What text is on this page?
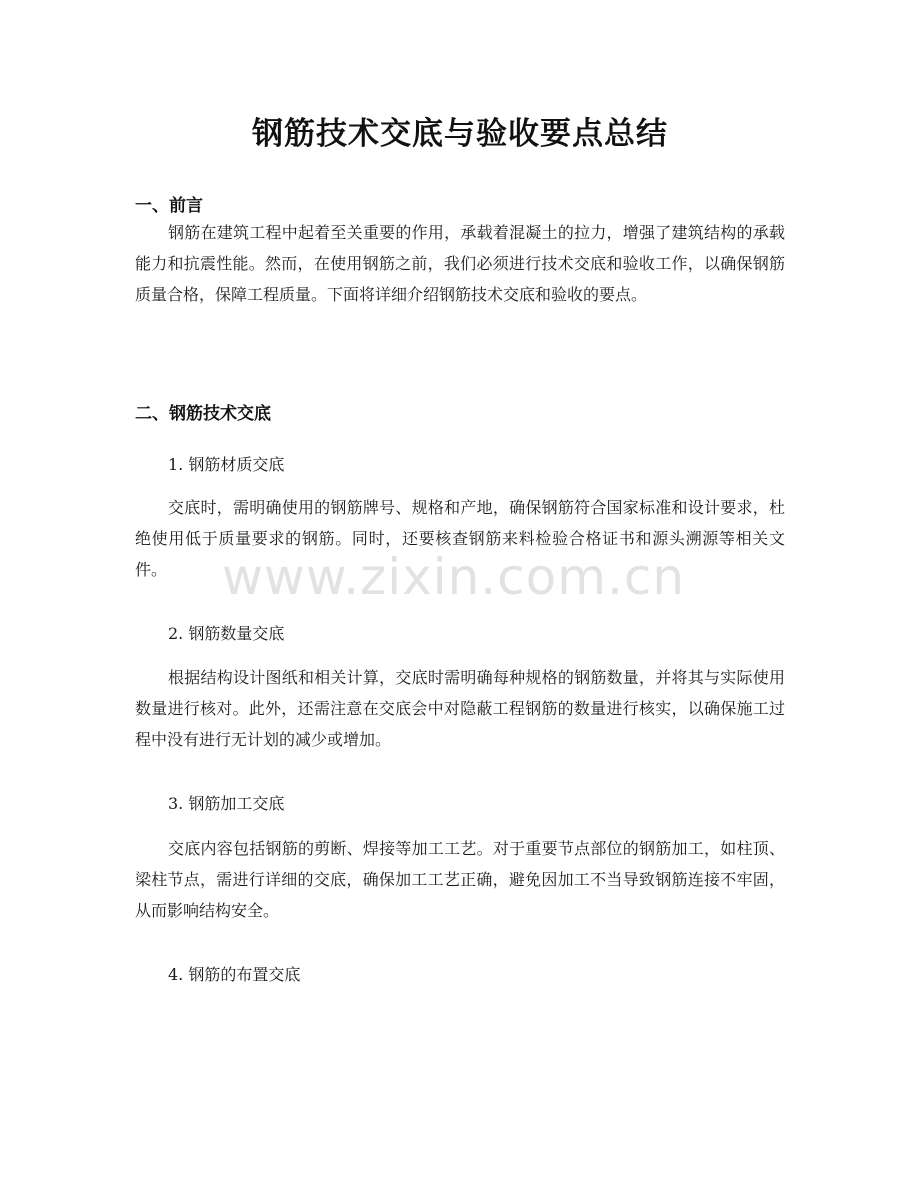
钢筋技术交底与验收要点总结
一、前言
钢筋在建筑工程中起着至关重要的作用，承载着混凝土的拉力，增强了建筑结构的承载能力和抗震性能。然而，在使用钢筋之前，我们必须进行技术交底和验收工作，以确保钢筋质量合格，保障工程质量。下面将详细介绍钢筋技术交底和验收的要点。
二、钢筋技术交底
1. 钢筋材质交底
交底时，需明确使用的钢筋牌号、规格和产地，确保钢筋符合国家标准和设计要求，杜绝使用低于质量要求的钢筋。同时，还要核查钢筋来料检验合格证书和源头溯源等相关文件。
2. 钢筋数量交底
根据结构设计图纸和相关计算，交底时需明确每种规格的钢筋数量，并将其与实际使用数量进行核对。此外，还需注意在交底会中对隐蔽工程钢筋的数量进行核实，以确保施工过程中没有进行无计划的减少或增加。
3. 钢筋加工交底
交底内容包括钢筋的剪断、焊接等加工工艺。对于重要节点部位的钢筋加工，如柱顶、梁柱节点，需进行详细的交底，确保加工工艺正确，避免因加工不当导致钢筋连接不牢固，从而影响结构安全。
4. 钢筋的布置交底
www.zixin.com.cn
